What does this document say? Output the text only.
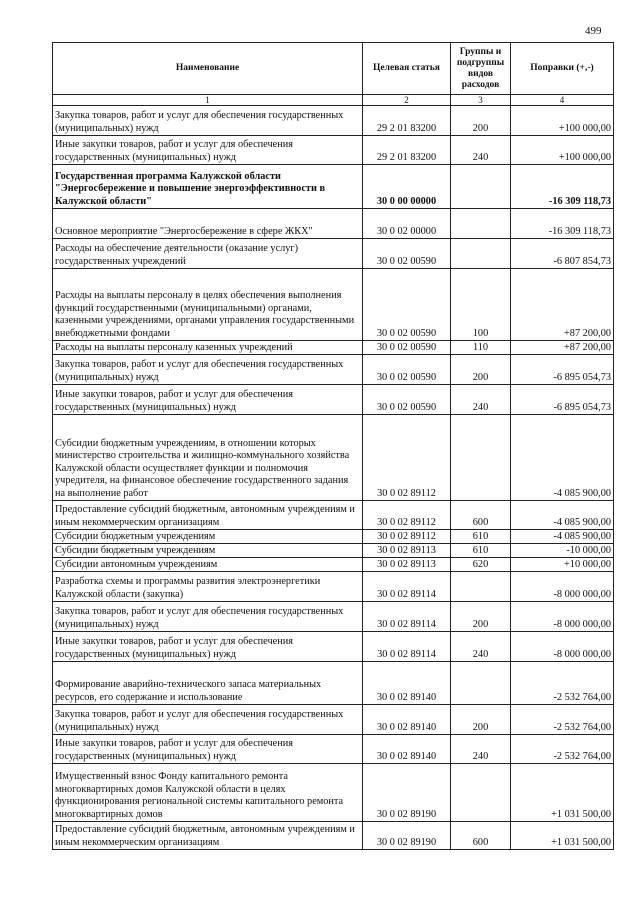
499
Наименование	Целевая статья	Группы и подгруппы видов расходов	Поправки (+,-)
1	2	3	4
Закупка товаров, работ и услуг для обеспечения государственных (муниципальных) нужд	29 2 01 83200	200	+100 000,00
Иные закупки товаров, работ и услуг для обеспечения государственных (муниципальных) нужд	29 2 01 83200	240	+100 000,00
Государственная программа Калужской области "Энергосбережение и повышение энергоэффективности в Калужской области"	30 0 00 00000		-16 309 118,73
Основное мероприятие "Энергосбережение в сфере ЖКХ"	30 0 02 00000		-16 309 118,73
Расходы на обеспечение деятельности (оказание услуг) государственных учреждений	30 0 02 00590		-6 807 854,73
Расходы на выплаты персоналу в целях обеспечения выполнения функций государственными (муниципальными) органами, казенными учреждениями, органами управления государственными внебюджетными фондами	30 0 02 00590	100	+87 200,00
Расходы на выплаты персоналу казенных учреждений	30 0 02 00590	110	+87 200,00
Закупка товаров, работ и услуг для обеспечения государственных (муниципальных) нужд	30 0 02 00590	200	-6 895 054,73
Иные закупки товаров, работ и услуг для обеспечения государственных (муниципальных) нужд	30 0 02 00590	240	-6 895 054,73
Субсидии бюджетным учреждениям, в отношении которых министерство строительства и жилищно-коммунального хозяйства Калужской области осуществляет функции и полномочия учредителя, на финансовое обеспечение государственного задания на выполнение работ	30 0 02 89112		-4 085 900,00
Предоставление субсидий бюджетным, автономным учреждениям и иным некоммерческим организациям	30 0 02 89112	600	-4 085 900,00
Субсидии бюджетным учреждениям	30 0 02 89112	610	-4 085 900,00
Субсидии бюджетным учреждениям	30 0 02 89113	610	-10 000,00
Субсидии автономным учреждениям	30 0 02 89113	620	+10 000,00
Разработка схемы и программы развития электроэнергетики Калужской области (закупка)	30 0 02 89114		-8 000 000,00
Закупка товаров, работ и услуг для обеспечения государственных (муниципальных) нужд	30 0 02 89114	200	-8 000 000,00
Иные закупки товаров, работ и услуг для обеспечения государственных (муниципальных) нужд	30 0 02 89114	240	-8 000 000,00
Формирование аварийно-технического запаса материальных ресурсов, его содержание и использование	30 0 02 89140		-2 532 764,00
Закупка товаров, работ и услуг для обеспечения государственных (муниципальных) нужд	30 0 02 89140	200	-2 532 764,00
Иные закупки товаров, работ и услуг для обеспечения государственных (муниципальных) нужд	30 0 02 89140	240	-2 532 764,00
Имущественный взнос Фонду капитального ремонта многоквартирных домов Калужской области в целях функционирования региональной системы капитального ремонта многоквартирных домов	30 0 02 89190		+1 031 500,00
Предоставление субсидий бюджетным, автономным учреждениям и иным некоммерческим организациям	30 0 02 89190	600	+1 031 500,00
